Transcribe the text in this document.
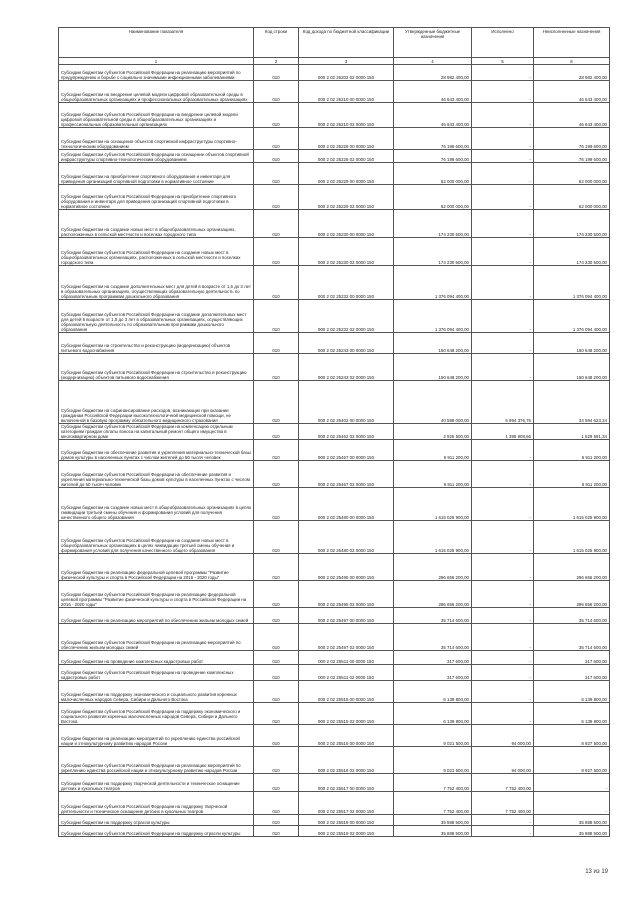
Наименование показателя	Код строки	Код дохода по бюджетной классификации	Утвержденные бюджетные назначения	Исполнено	Неисполненные назначения
1	2	3	4	5	6
Субсидии бюджетам субъектов Российской Федерации на реализацию мероприятий по предупреждению и борьбе с социально значимыми инфекционными заболеваниями	010	000 2 02 25202 02 0000 150	28 982 400,00	-	28 982 400,00
Субсидии бюджетам на внедрение целевой модели цифровой образовательной среды в общеобразовательных организациях и профессиональных образовательных организациях	010	000 2 02 25210 00 0000 150	46 643 400,00	-	46 643 400,00
Субсидии бюджетам субъектов Российской Федерации на внедрение целевой модели цифровой образовательной среды в общеобразовательных организациях и профессиональных образовательных организациях	010	000 2 02 25210 02 0000 150	46 643 400,00	-	46 643 400,00
Субсидии бюджетам на оснащение объектов спортивной инфраструктуры спортивно-технологическим оборудованием	010	000 2 02 25228 00 0000 150	76 199 600,00	-	76 199 600,00
Субсидии бюджетам субъектов Российской Федерации на оснащение объектов спортивной инфраструктуры спортивно-технологическим оборудованием	010	000 2 02 25228 02 0000 150	76 199 600,00	-	76 199 600,00
Субсидии бюджетам на приобретение спортивного оборудования и инвентаря для приведения организаций спортивной подготовки в нормативное состояние	010	000 2 02 25229 00 0000 150	62 000 000,00	-	62 000 000,00
Субсидии бюджетам субъектов Российской Федерации на приобретение спортивного оборудования и инвентаря для приведения организаций спортивной подготовки в нормативное состояние	010	000 2 02 25229 02 0000 150	62 000 000,00	-	62 000 000,00
Субсидии бюджетам на создание новых мест в общеобразовательных организациях, расположенных в сельской местности и поселках городского типа	010	000 2 02 25230 00 0000 150	174 230 500,00	-	174 230 500,00
Субсидии бюджетам субъектов Российской Федерации на создание новых мест в общеобразовательных организациях, расположенных в сельской местности и поселках городского типа	010	000 2 02 25230 02 0000 150	174 230 500,00	-	174 230 500,00
Субсидии бюджетам на создание дополнительных мест для детей в возрасте от 1,5 до 3 лет в образовательных организациях, осуществляющих образовательную деятельность по образовательным программам дошкольного образования	010	000 2 02 25232 00 0000 150	1 376 094 400,00	-	1 376 094 400,00
Субсидии бюджетам субъектов Российской Федерации на создание дополнительных мест для детей в возрасте от 1,5 до 3 лет в образовательных организациях, осуществляющих образовательную деятельность по образовательным программам дошкольного образования	010	000 2 02 25232 02 0000 150	1 376 094 400,00	-	1 376 094 400,00
Субсидии бюджетам на строительство и реконструкцию (модернизацию) объектов питьевого водоснабжения	010	000 2 02 25243 00 0000 150	150 648 200,00	-	150 648 200,00
Субсидии бюджетам субъектов Российской Федерации на строительство и реконструкцию (модернизацию) объектов питьевого водоснабжения	010	000 2 02 25243 02 0000 150	150 648 200,00	-	150 648 200,00
Субсидии бюджетам на софинансирование расходов, возникающих при оказании гражданам Российской Федерации высокотехнологичной медицинской помощи, не включенной в базовую программу обязательного медицинского страхования	010	000 2 02 25402 00 0000 150	40 589 000,00	5 994 376,76	34 594 623,24
Субсидии бюджетам субъектов Российской Федерации на компенсацию отдельным категориям граждан оплаты взноса на капитальный ремонт общего имущества в многоквартирном доме	010	000 2 02 25462 02 0000 150	2 925 500,00	1 395 908,66	1 529 591,34
Субсидии бюджетам на обеспечение развития и укрепления материально-технической базы домов культуры в населенных пунктах с числом жителей до 50 тысяч человек	010	000 2 02 25467 00 0000 150	6 911 200,00	-	6 911 200,00
Субсидии бюджетам субъектов Российской Федерации на обеспечение развития и укрепления материально-технической базы домов культуры в населенных пунктах с числом жителей до 50 тысяч человек	010	000 2 02 25467 02 0000 150	6 911 200,00	-	6 911 200,00
Субсидии бюджетам на создание новых мест в общеобразовательных организациях в целях ликвидации третьей смены обучения и формирования условий для получения качественного общего образования	010	000 2 02 25480 00 0000 150	1 615 025 900,00	-	1 615 025 900,00
Субсидии бюджетам субъектов Российской Федерации на создание новых мест в общеобразовательных организациях в целях ликвидации третьей смены обучения и формирования условий для получения качественного общего образования	010	000 2 02 25480 02 0000 150	1 615 025 900,00	-	1 615 025 900,00
Субсидии бюджетам на реализацию федеральной целевой программы "Развитие физической культуры и спорта в Российской Федерации на 2016 - 2020 годы"	010	000 2 02 25495 00 0000 150	296 656 200,00	-	296 656 200,00
Субсидии бюджетам субъектов Российской Федерации на реализацию федеральной целевой программы "Развитие физической культуры и спорта в Российской Федерации на 2016 - 2020 годы"	010	000 2 02 25495 02 0000 150	296 656 200,00	-	296 656 200,00
Субсидии бюджетам на реализацию мероприятий по обеспечению жильем молодых семей	010	000 2 02 25497 00 0000 150	35 714 600,00	-	35 714 600,00
Субсидии бюджетам субъектов Российской Федерации на реализацию мероприятий по обеспечению жильем молодых семей	010	000 2 02 25497 02 0000 150	35 714 600,00	-	35 714 600,00
Субсидии бюджетам на проведение комплексных кадастровых работ	010	000 2 02 25511 00 0000 150	317 600,00	-	317 600,00
Субсидии бюджетам субъектов Российской Федерации на проведение комплексных кадастровых работ	010	000 2 02 25511 02 0000 150	317 600,00	-	317 600,00
Субсидии бюджетам на поддержку экономического и социального развития коренных малочисленных народов Севера, Сибири и Дальнего Востока	010	000 2 02 25515 00 0000 150	6 139 800,00	-	6 139 800,00
Субсидии бюджетам субъектов Российской Федерации на поддержку экономического и социального развития коренных малочисленных народов Севера, Сибири и Дальнего Востока	010	000 2 02 25515 02 0000 150	6 139 800,00	-	6 139 800,00
Субсидии бюджетам на реализацию мероприятий по укреплению единства российской нации и этнокультурному развитию народов России	010	000 2 02 25516 00 0000 150	9 021 500,00	94 000,00	8 927 500,00
Субсидии бюджетам субъектов Российской Федерации на реализацию мероприятий по укреплению единства российской нации и этнокультурному развитию народов России	010	000 2 02 25516 02 0000 150	9 021 500,00	94 000,00	8 927 500,00
Субсидии бюджетам на поддержку творческой деятельности и техническое оснащение детских и кукольных театров	010	000 2 02 25517 00 0000 150	7 752 400,00	7 752 400,00	-
Субсидии бюджетам субъектов Российской Федерации на поддержку творческой деятельности и техническое оснащение детских и кукольных театров	010	000 2 02 25517 02 0000 150	7 752 400,00	7 752 400,00	-
Субсидии бюджетам на поддержку отрасли культуры	010	000 2 02 25519 00 0000 150	35 888 500,00	-	35 888 500,00
Субсидии бюджетам субъектов Российской Федерации на поддержку отрасли культуры	010	000 2 02 25519 02 0000 150	35 888 500,00	-	35 888 500,00
13 из 19
